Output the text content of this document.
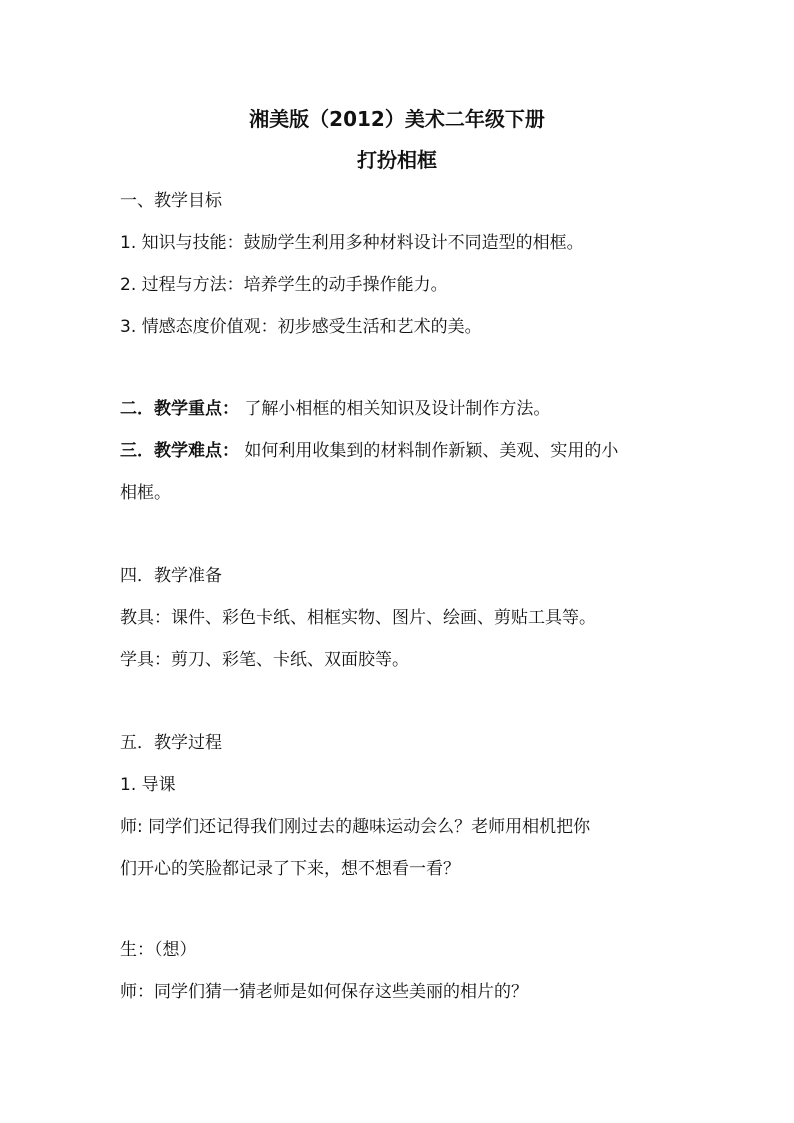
湘美版（2012）美术二年级下册
打扮相框
一、教学目标
1. 知识与技能：鼓励学生利用多种材料设计不同造型的相框。
2. 过程与方法：培养学生的动手操作能力。
3. 情感态度价值观：初步感受生活和艺术的美。
二．教学重点： 了解小相框的相关知识及设计制作方法。
三．教学难点： 如何利用收集到的材料制作新颖、美观、实用的小
相框。
四．教学准备
教具：课件、彩色卡纸、相框实物、图片、绘画、剪贴工具等。
学具：剪刀、彩笔、卡纸、双面胶等。
五．教学过程
1. 导课
师: 同学们还记得我们刚过去的趣味运动会么？老师用相机把你
们开心的笑脸都记录了下来，想不想看一看？
生：（想）
师：同学们猜一猜老师是如何保存这些美丽的相片的？
